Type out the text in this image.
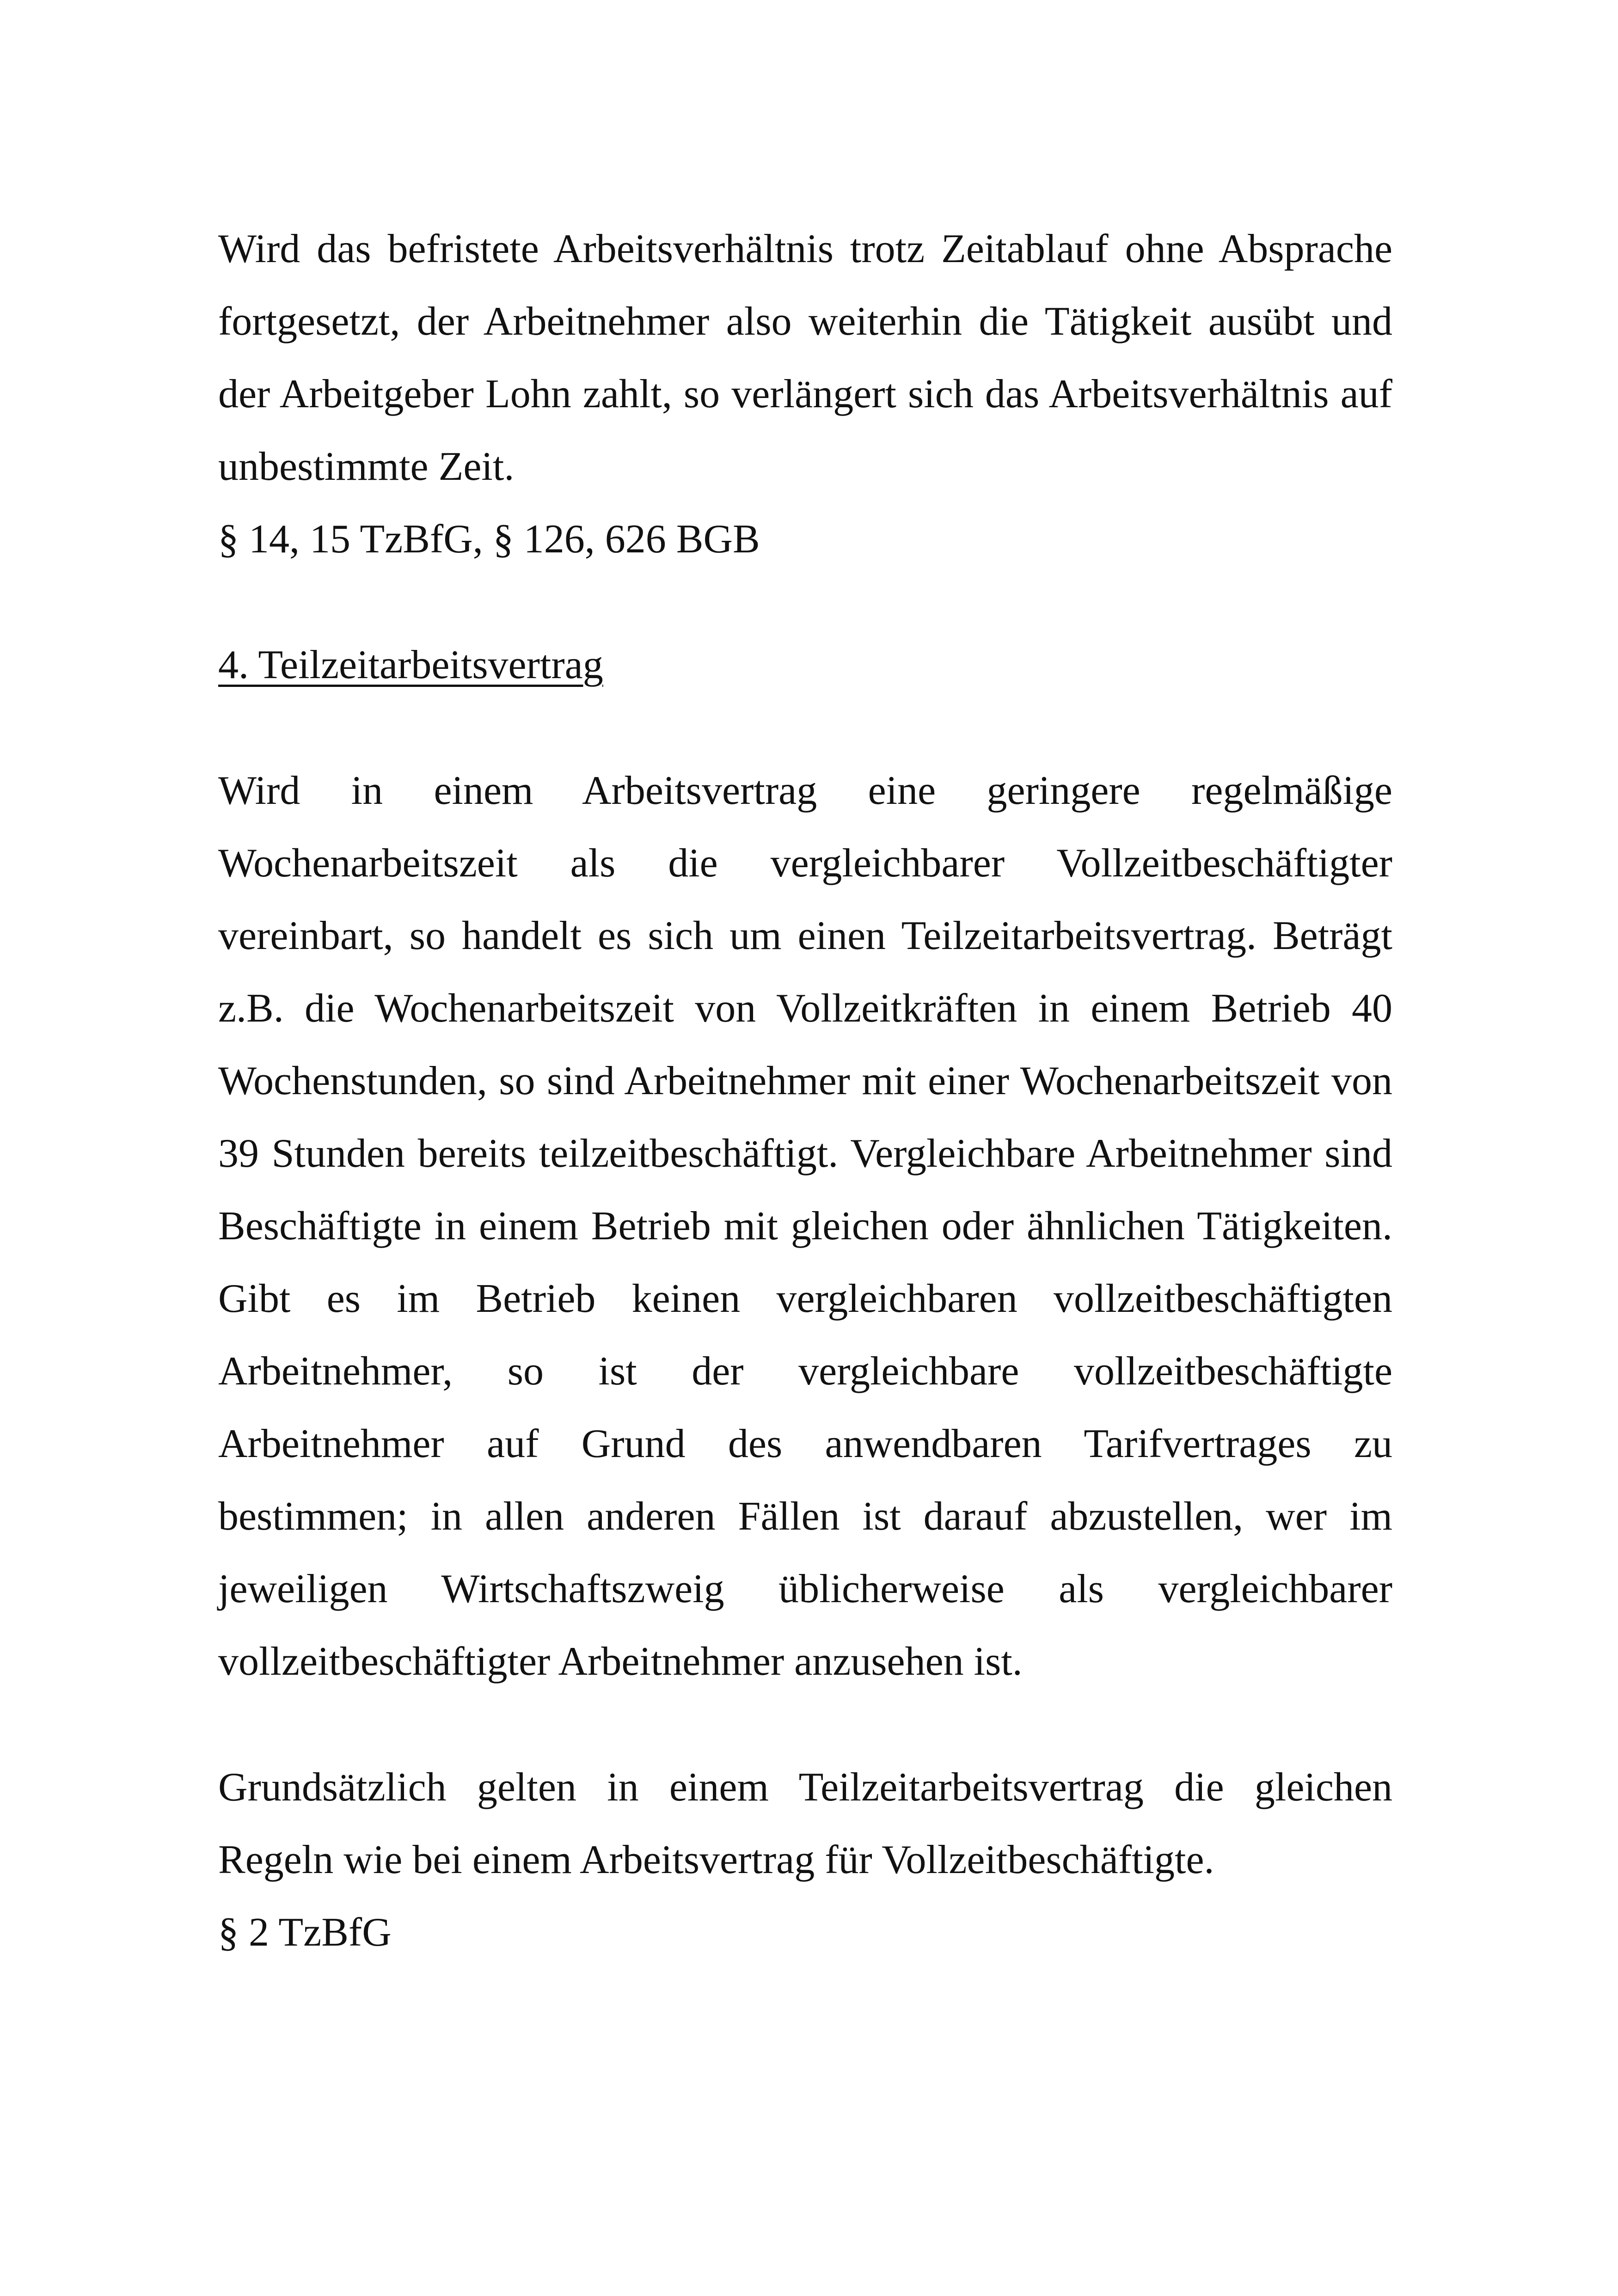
Wird das befristete Arbeitsverhältnis trotz Zeitablauf ohne Absprache fortgesetzt, der Arbeitnehmer also weiterhin die Tätigkeit ausübt und der Arbeitgeber Lohn zahlt, so verlängert sich das Arbeitsverhältnis auf unbestimmte Zeit.

§ 14, 15 TzBfG, § 126, 626 BGB

4. Teilzeitarbeitsvertrag

Wird in einem Arbeitsvertrag eine geringere regelmäßige Wochenarbeitszeit als die vergleichbarer Vollzeitbeschäftigter vereinbart, so handelt es sich um einen Teilzeitarbeitsvertrag. Beträgt z.B. die Wochenarbeitszeit von Vollzeitkräften in einem Betrieb 40 Wochenstunden, so sind Arbeitnehmer mit einer Wochenarbeitszeit von 39 Stunden bereits teilzeitbeschäftigt. Vergleichbare Arbeitnehmer sind Beschäftigte in einem Betrieb mit gleichen oder ähnlichen Tätigkeiten. Gibt es im Betrieb keinen vergleichbaren vollzeitbeschäftigten Arbeitnehmer, so ist der vergleichbare vollzeitbeschäftigte Arbeitnehmer auf Grund des anwendbaren Tarifvertrages zu bestimmen; in allen anderen Fällen ist darauf abzustellen, wer im jeweiligen Wirtschaftszweig üblicherweise als vergleichbarer vollzeitbeschäftigter Arbeitnehmer anzusehen ist.

Grundsätzlich gelten in einem Teilzeitarbeitsvertrag die gleichen Regeln wie bei einem Arbeitsvertrag für Vollzeitbeschäftigte.

§ 2 TzBfG
